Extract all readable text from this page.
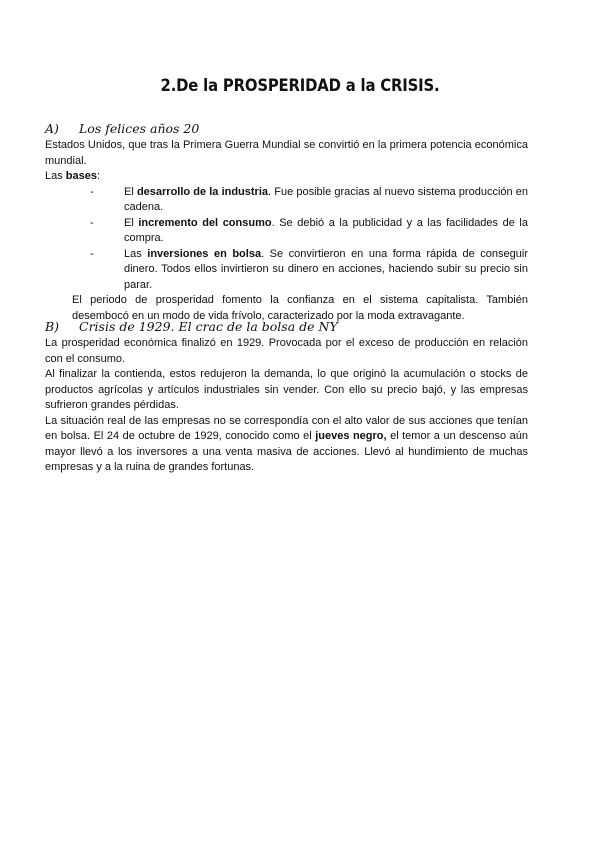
2.De la PROSPERIDAD a la CRISIS.
A) Los felices años 20

Estados Unidos, que tras la Primera Guerra Mundial se convirtió en la primera potencia económica mundial.

Las bases:

-	El desarrollo de la industria. Fue posible gracias al nuevo sistema producción en cadena.
-	El incremento del consumo. Se debió a la publicidad y a las facilidades de la compra.
-	Las inversiones en bolsa. Se convirtieron en una forma rápida de conseguir dinero. Todos ellos invirtieron su dinero en acciones, haciendo subir su precio sin parar.

El periodo de prosperidad fomento la confianza en el sistema capitalista. También desembocó en un modo de vida frívolo, caracterizado por la moda extravagante.

B) Crisis de 1929. El crac de la bolsa de NY

La prosperidad económica finalizó en 1929. Provocada por el exceso de producción en relación con el consumo.

Al finalizar la contienda, estos redujeron la demanda, lo que originó la acumulación o stocks de productos agrícolas y artículos industriales sin vender. Con ello su precio bajó, y las empresas sufrieron grandes pérdidas.

La situación real de las empresas no se correspondía con el alto valor de sus acciones que tenían en bolsa. El 24 de octubre de 1929, conocido como el jueves negro, el temor a un descenso aún mayor llevó a los inversores a una venta masiva de acciones. Llevó al hundimiento de muchas empresas y a la ruina de grandes fortunas.
